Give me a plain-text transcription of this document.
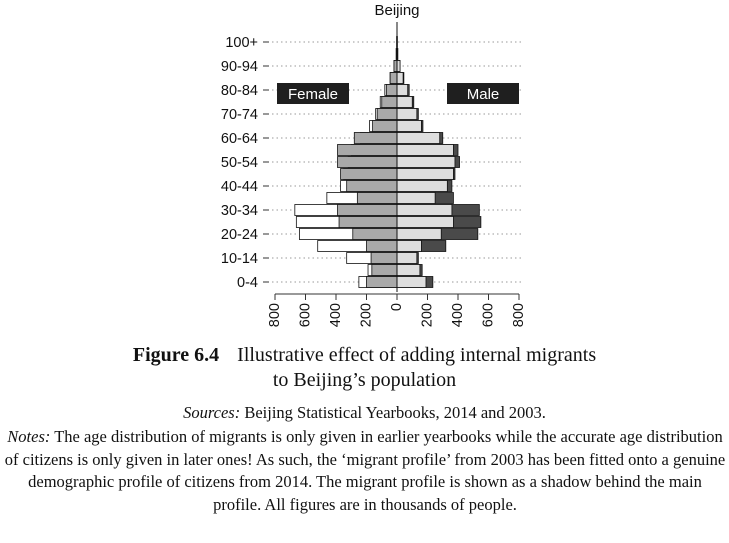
100+
90-94
80-84
70-74
60-64
50-54
40-44
30-34
20-24
10-14
0-4
800 600 400 200 0 200 400 600 800
Beijing
Female	Male
Figure 6.4 Illustrative effect of adding internal migrants
to Beijing’s population
Sources: Beijing Statistical Yearbooks, 2014 and 2003.
Notes: The age distribution of migrants is only given in earlier yearbooks while the accurate age distribution of citizens is only given in later ones! As such, the ‘migrant profile’ from 2003 has been fitted onto a genuine demographic profile of citizens from 2014. The migrant profile is shown as a shadow behind the main profile. All figures are in thousands of people.
